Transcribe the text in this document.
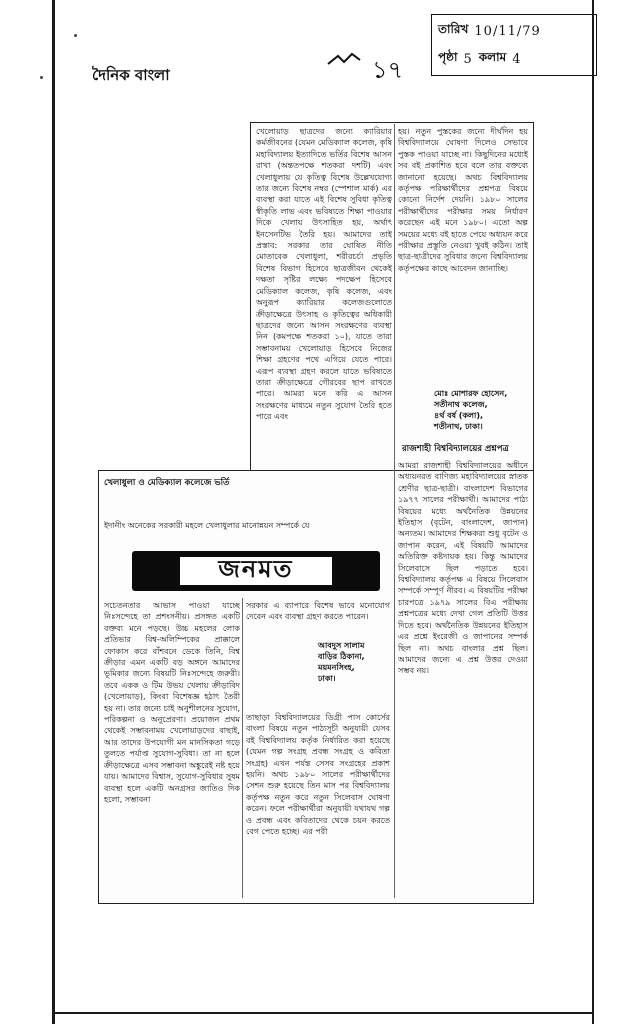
দৈনিক বাংলা	১৭
তারিখ 10/11/79
পৃষ্ঠা 5 কলাম 4
খেলোয়াড় ছাত্রদের জন্যে ক্যারিয়ার কর্মজীবনের (যেমন মেডিক্যাল কলেজ, কৃষি মহাবিদ্যালয় ইত্যাদিতে ভর্তির বিশেষ আসন রাখা (অন্ততপক্ষে শতকরা দশটি) এবং খেলাধুলায় যে কৃতিত্ব বিশেষ উল্লেখযোগ্য তার জন্যে বিশেষ নম্বর (স্পেশাল মার্ক) এর ব্যবস্থা করা যাতে এই বিশেষ সুবিধা কৃতিত্ব স্বীকৃতি লাভ এবং ভবিষ্যতে শিক্ষা পাওয়ার দিকে খেলায় উৎসাহিত হয়, অর্থাৎ ইনসেনটিভ তৈরি হয়। আমাদের তাই প্রস্তাব: সরকার তার ঘোষিত নীতি মোতাবেক খেলাধুলা, শরীরচর্চা প্রভৃতি বিশেষ বিভাগ হিসেবে ছাত্রজীবন থেকেই দক্ষতা সৃষ্টির লক্ষ্যে পদক্ষেপ হিসেবে মেডিক্যাল কলেজ, কৃষি কলেজ, এবং অনুরূপ ক্যারিয়ার কলেজগুলোতে ক্রীড়াক্ষেত্রে উৎসাহ ও কৃতিত্বের অধিকারী ছাত্রদের জন্যে আসন সংরক্ষণের ব্যবস্থা নিন (কমপক্ষে শতকরা ১০), যাতে তারা সম্ভাবনাময় খেলোয়াড় হিসেবে নিজের শিক্ষা গ্রহণের পথে এগিয়ে যেতে পারে। এরূপ ব্যবস্থা গ্রহণ করলে যাতে ভবিষ্যতে তারা ক্রীড়াক্ষেত্রে গৌরবের ছাপ রাখতে পারে। আমরা মনে করি এ আসন সংরক্ষণের মাধ্যমে নতুন সুযোগ তৈরি হতে পারে এবং
হয়। নতুন পুস্তকের জন্যে দীর্ঘদিন হয় বিশ্ববিদ্যালয়ে ঘোষণা দিলেও সেভাবে পুস্তক পাওয়া যাচ্ছে না। কিছুদিনের মধ্যেই সব বই প্রকাশিত হবে বলে তার বক্তব্যে জানানো হয়েছে। অথচ বিশ্ববিদ্যালয় কর্তৃপক্ষ পরিক্ষার্থীদের প্রশ্নপত্র বিষয়ে কোনো নির্দেশ দেয়নি। ১৯৮০ সালের পরীক্ষার্থীদের পরীক্ষার সময় নির্ধারণ করেছেন এই মনে ১৯৮০। এতো অল্প সময়ের মধ্যে বই হাতে পেয়ে অধ্যয়ন করে পরীক্ষার প্রস্তুতি নেওয়া খুবই কঠিন। তাই ছাত্র-ছাত্রীদের সুবিধার জন্যে বিশ্ববিদ্যালয় কর্তৃপক্ষের কাছে আবেদন জানাচ্ছি।
মোঃ মোশারফ হোসেন,
সতীনাথ কলেজ,
৪র্থ বর্ষ (কলা),
শতীনাথ, ঢাকা।
রাজশাহী বিশ্ববিদ্যালয়ের প্রশ্নপত্র
আমরা রাজশাহী বিশ্ববিদ্যালয়ের অধীনে অধ্যয়নরত বাণিজ্য মহাবিদ্যালয়ের স্নাতক শ্রেণীর ছাত্র-ছাত্রী। বাংলাদেশ বিভাগের ১৯৭৭ সালের পরীক্ষার্থী। আমাদের পাঠ্য বিষয়ের মধ্যে অর্থনৈতিক উন্নয়নের ইতিহাস (বৃটেন, বাংলাদেশ, জাপান) অন্যতম। আমাদের শিক্ষকরা শুধু বৃটেন ও জাপান করেন, এই বিষয়টি আমাদের অতিরিক্ত কষ্টদায়ক হয়। কিন্তু আমাদের সিলেবাসে ছিল পড়াতে হবে। বিশ্ববিদ্যালয় কর্তৃপক্ষ এ বিষয়ে সিলেবাস সম্পর্কে সম্পূর্ণ নীরব। এ বিষয়টির পরীক্ষা চারপত্রে ১৯৭৯ সালের বিএ পরীক্ষায় প্রশ্নপত্রের মধ্যে দেখা গেল প্রতিটি উত্তর দিতে হবে। অর্থনৈতিক উন্নয়নের ইতিহাস এর প্রশ্নে ইংরেজী ও জাপানের সম্পর্ক ছিল না। অথচ বাংলার প্রশ্ন ছিল। আমাদের জন্যে এ প্রশ্ন উত্তর দেওয়া সম্ভব নয়।
খেলাধুলা ও মেডিক্যাল কলেজে ভর্তি
ইদানীং অনেকের সরকারী মহলে খেলাধুলার মানোন্নয়ন সম্পর্কে যে
জনমত
সচেতনতার আভাস পাওয়া যাচ্ছে নিঃসন্দেহে তা প্রশংসনীয়। প্রসঙ্গত একটি বক্তব্য মনে পড়ছে। উচ্চ মহলের লোক প্রতিভার বিশ্ব-অলিম্পিকের প্রাক্কালে ফোকাস করে বাঁশবনে ডেকে তিনি, বিশ্ব ক্রীড়ার এমন একটি বড় অঙ্গনে আমাদের ভূমিকার জন্যে বিষয়টি নিঃসন্দেহে জরুরী। তবে একক ও টিম উভয় খেলায় ক্রীড়াবিদ (খেলোয়াড়), কিংবা বিশেষজ্ঞ হঠাৎ তৈরী হয় না। তার জন্যে চাই অনুশীলনের সুযোগ, পরিকল্পনা ও অনুপ্রেরণা। প্রয়োজন প্রথম থেকেই সম্ভাবনাময় খেলোয়াড়দের বাছাই, আর তাদের উপযোগী মন মানসিকতা গড়ে তুলতে পর্যাপ্ত সুযোগ-সুবিধা। তা না হলে ক্রীড়াক্ষেত্রে এসব সম্ভাবনা অঙ্কুরেই নষ্ট হয়ে যায়। আমাদের বিশ্বাস, সুযোগ-সুবিধার সুষম ব্যবস্থা হলে একটি অনগ্রসর জাতিও দিক হলো, সম্ভাবনা
সরকার এ ব্যাপারে বিশেষ ভাবে মনোযোগ দেবেন এবং ব্যবস্থা গ্রহণ করতে পারেন।
আবদুস সালাম
বাড়ির ঠিকানা,
ময়মনসিংহ,
ঢাকা।
তাছাড়া বিশ্ববিদ্যালয়ের ডিগ্রী পাস কোর্সের বাংলা বিষয়ে নতুন পাঠ্যসূচী অনুযায়ী যেসব বই বিশ্ববিদ্যালয় কর্তৃক নির্ধারিত করা হয়েছে (যেমন গল্প সংগ্রহ প্রবন্ধ সংগ্রহ ও কবিতা সংগ্রহ) এখন পর্যন্ত সেসব সংগ্রহের প্রকাশ হয়নি। অথচ ১৯৮০ সালের পরীক্ষার্থীদের সেশন শুরু হয়েছে তিন মাস পর বিশ্ববিদ্যালয় কর্তৃপক্ষ নতুন করে নতুন সিলেবাস ঘোষণা করেন। ফলে পরীক্ষার্থীরা অনুযায়ী যথাযথ গল্প ও প্রবন্ধ এবং কবিতাদের থেকে চয়ন করতে বেগ পেতে হচ্ছে। এর পরী
